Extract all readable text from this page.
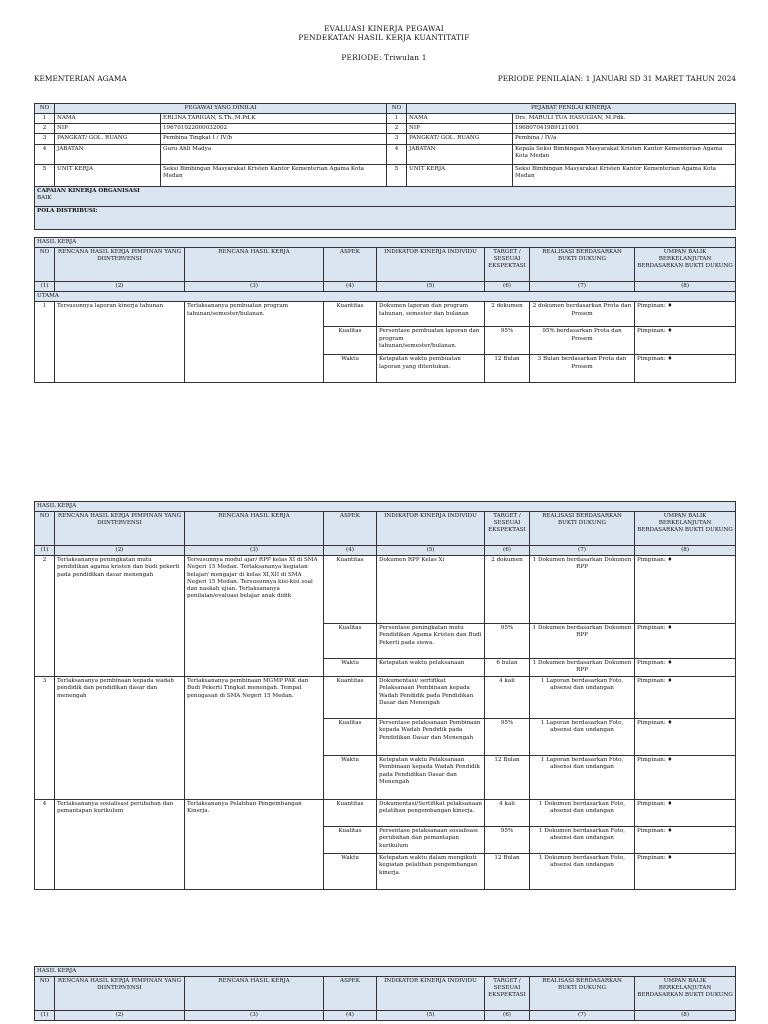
EVALUASI KINERJA PEGAWAI
PENDEKATAN HASIL KERJA KUANTITATIF
PERIODE: Triwulan 1
KEMENTERIAN AGAMA	PERIODE PENILAIAN: 1 JANUARI SD 31 MARET TAHUN 2024
NO	PEGAWAI YANG DINILAI		NO	PEJABAT PENILAI KINERJA	
1	NAMA	ERLINA TARIGAN, S.Th.,M.Pd.K	1	NAMA	Drs. MARULI TUA HASUGIAN, M.Pdk.
2	NIP	196701022000032002	2	NIP	196807041989121001
3	PANGKAT/ GOL. RUANG	Pembina Tingkat I / IV/b	3	PANGKAT/ GOL. RUANG	Pembina / IV/a
4	JABATAN	Guru Ahli Madya	4	JABATAN	Kepala Seksi Bimbingan Masyarakat Kristen Kantor Kementerian Agama Kota Medan
5	UNIT KERJA	Seksi Bimbingan Masyarakat Kristen Kantor Kementerian Agama Kota Medan	5	UNIT KERJA	Seksi Bimbingan Masyarakat Kristen Kantor Kementerian Agama Kota Medan

CAPAIAN KINERJA ORGANISASI
BAIK					

POLA DISTRIBUSI:					
HASIL KERJA							
NO	RENCANA HASIL KERJA PIMPINAN YANG DIINTERVENSI	RENCANA HASIL KERJA	ASPEK	INDIKATOR KINERJA INDIVIDU	TARGET / SESEUAI EKSPEKTASI	REALISASI BERDASARKAN BUKTI DUKUNG	UMPAN BALIK BERKELANJUTAN BERDASARKAN BUKTI DUKUNG
(1)	(2)	(3)	(4)	(5)	(6)	(7)	(8)
UTAMA							
1	Tersusunnya laporan kinerja tahunan	Terlaksananya pembuatan program tahunan/semester/bulanan.	Kuantitas	Dokumen laporan dan program tahunan, semester dan bulanan	2 dokumen	2 dokumen berdasarkan Prota dan Prosem	Pimpinan: ♦
			Kualitas	Persentase pembuatan laporan dan program tahunan/semester/bulanan.	95%	95% berdasarkan Prota dan Prosem	Pimpinan: ♦
			Waktu	Ketepatan waktu pembuatan laporan yang ditentukan.	12 Bulan	3 Bulan berdasarkan Prota dan Prosem	Pimpinan: ♦
HASIL KERJA							
NO	RENCANA HASIL KERJA PIMPINAN YANG DIINTERVENSI	RENCANA HASIL KERJA	ASPEK	INDIKATOR KINERJA INDIVIDU	TARGET / SESEUAI EKSPEKTASI	REALISASI BERDASARKAN BUKTI DUKUNG	UMPAN BALIK BERKELANJUTAN BERDASARKAN BUKTI DUKUNG
(1)	(2)	(3)	(4)	(5)	(6)	(7)	(8)
2	Terlaksananya peningkatan mutu pendidikan agama kristen dan budi pekerti pada pendidikan dasar menengah	Tersusunnya modul ajar/ RPP kelas XI di SMA Negeri 15 Medan. Terlaksananya kegiatan belajar/ mengajar di kelas XI,XII di SMA Negeri 15 Medan. Tersusunnya kisi-kisi soal dan naskah ujian. Terlaksananya penilaian/evaluasi belajar anak didik	Kuantitas	Dokumen RPP Kelas Xi	2 dokumen	1 Dokumen berdasarkan Dokumen RPP	Pimpinan: ♦
			Kualitas	Persentase peningkatan mutu Pendidikan Agama Kristen dan Budi Pekerti pada siswa.	95%	1 Dokumen berdasarkan Dokumen RPP	Pimpinan: ♦
			Waktu	Ketepatan waktu pelaksanaan	6 bulan	1 Dokumen berdasarkan Dokumen RPP	Pimpinan: ♦
3	Terlaksananya pembinaan kepada wadah pendidik dan pendidikan dasar dan menengah	Terlaksananya pembinaan MGMP PAK dan Budi Pekerti Tingkat menengah. Tempat penugasan di SMA Negeri 15 Medan.	Kuantitas	Dokumentasi/ sertifikat Pelaksanaan Pembinaan kepada Wadah Pendidik pada Pendidikan Dasar dan Menengah	4 kali	1 Laporan berdasarkan Foto, absensi dan undangan	Pimpinan: ♦
			Kualitas	Persentase pelaksanaan Pembinaan kepada Wadah Pendidik pada Pendidikan Dasar dan Menengah	95%	1 Laporan berdasarkan Foto, absensi dan undangan	Pimpinan: ♦
			Waktu	Ketepatan waktu Pelaksanaan Pembinaan kepada Wadah Pendidik pada Pendidikan Dasar dan Menengah	12 Bulan	1 Laporan berdasarkan Foto, absensi dan undangan	Pimpinan: ♦
4	Terlaksananya sosialisasi perubahan dan pemantapan kurikulum	Terlaksananya Pelatihan Pengembangan Kinerja.	Kuantitas	Dokumentasi/Sertifikat pelaksanaan pelatihan pengembangan kinerja.	4 kali	1 Dokumen berdasarkan Foto, absensi dan undangan	Pimpinan: ♦
			Kualitas	Persentase pelaksanaan sosialisasi perubahan dan pemantapan kurikulum	95%	1 Dokumen berdasarkan Foto, absensi dan undangan	Pimpinan: ♦
			Waktu	Ketepatan waktu dalam mengikuti kegiatan pelatihan pengembangan kinerja.	12 Bulan	1 Dokumen berdasarkan Foto, absensi dan undangan	Pimpinan: ♦
HASIL KERJA							
NO	RENCANA HASIL KERJA PIMPINAN YANG DIINTERVENSI	RENCANA HASIL KERJA	ASPEK	INDIKATOR KINERJA INDIVIDU	TARGET / SESEUAI EKSPEKTASI	REALISASI BERDASARKAN BUKTI DUKUNG	UMPAN BALIK BERKELANJUTAN BERDASARKAN BUKTI DUKUNG
(1)	(2)	(3)	(4)	(5)	(6)	(7)	(8)
